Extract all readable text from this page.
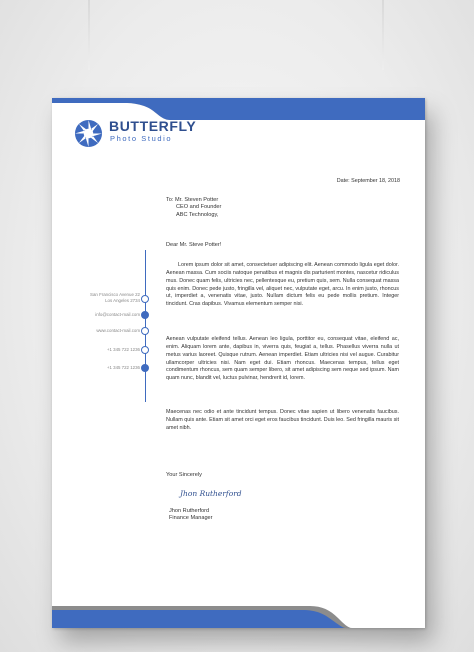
BUTTERFLY
Photo Studio
Date: September 18, 2018
To: Mr. Steven Potter
CEO and Founder
ABC Technology,
Dear Mr. Steve Potter!
San Francisco Avenue 22
Los Angeles 2734
info@contact-mail.com
www.contact-mail.com
+1 345 722 1236
+1 345 722 1236

Lorem ipsum dolor sit amet, consectetuer adipiscing elit. Aenean commodo ligula eget dolor. Aenean massa. Cum sociis natoque penatibus et magnis dis parturient montes, nascetur ridiculus mus. Donec quam felis, ultricies nec, pellentesque eu, pretium quis, sem. Nulla consequat massa quis enim. Donec pede justo, fringilla vel, aliquet nec, vulputate eget, arcu. In enim justo, rhoncus ut, imperdiet a, venenatis vitae, justo. Nullam dictum felis eu pede mollis pretium. Integer tincidunt. Cras dapibus. Vivamus elementum semper nisi.

Aenean vulputate eleifend tellus. Aenean leo ligula, porttitor eu, consequat vitae, eleifend ac, enim. Aliquam lorem ante, dapibus in, viverra quis, feugiat a, tellus. Phasellus viverra nulla ut metus varius laoreet. Quisque rutrum. Aenean imperdiet. Etiam ultricies nisi vel augue. Curabitur ullamcorper ultricies nisi. Nam eget dui. Etiam rhoncus. Maecenas tempus, tellus eget condimentum rhoncus, sem quam semper libero, sit amet adipiscing sem neque sed ipsum. Nam quam nunc, blandit vel, luctus pulvinar, hendrerit id, lorem.

Maecenas nec odio et ante tincidunt tempus. Donec vitae sapien ut libero venenatis faucibus. Nullam quis ante. Etiam sit amet orci eget eros faucibus tincidunt. Duis leo. Sed fringilla mauris sit amet nibh.

Your Sincerely
Jhon Rutherford
Jhon Rutherford
Finance Manager
